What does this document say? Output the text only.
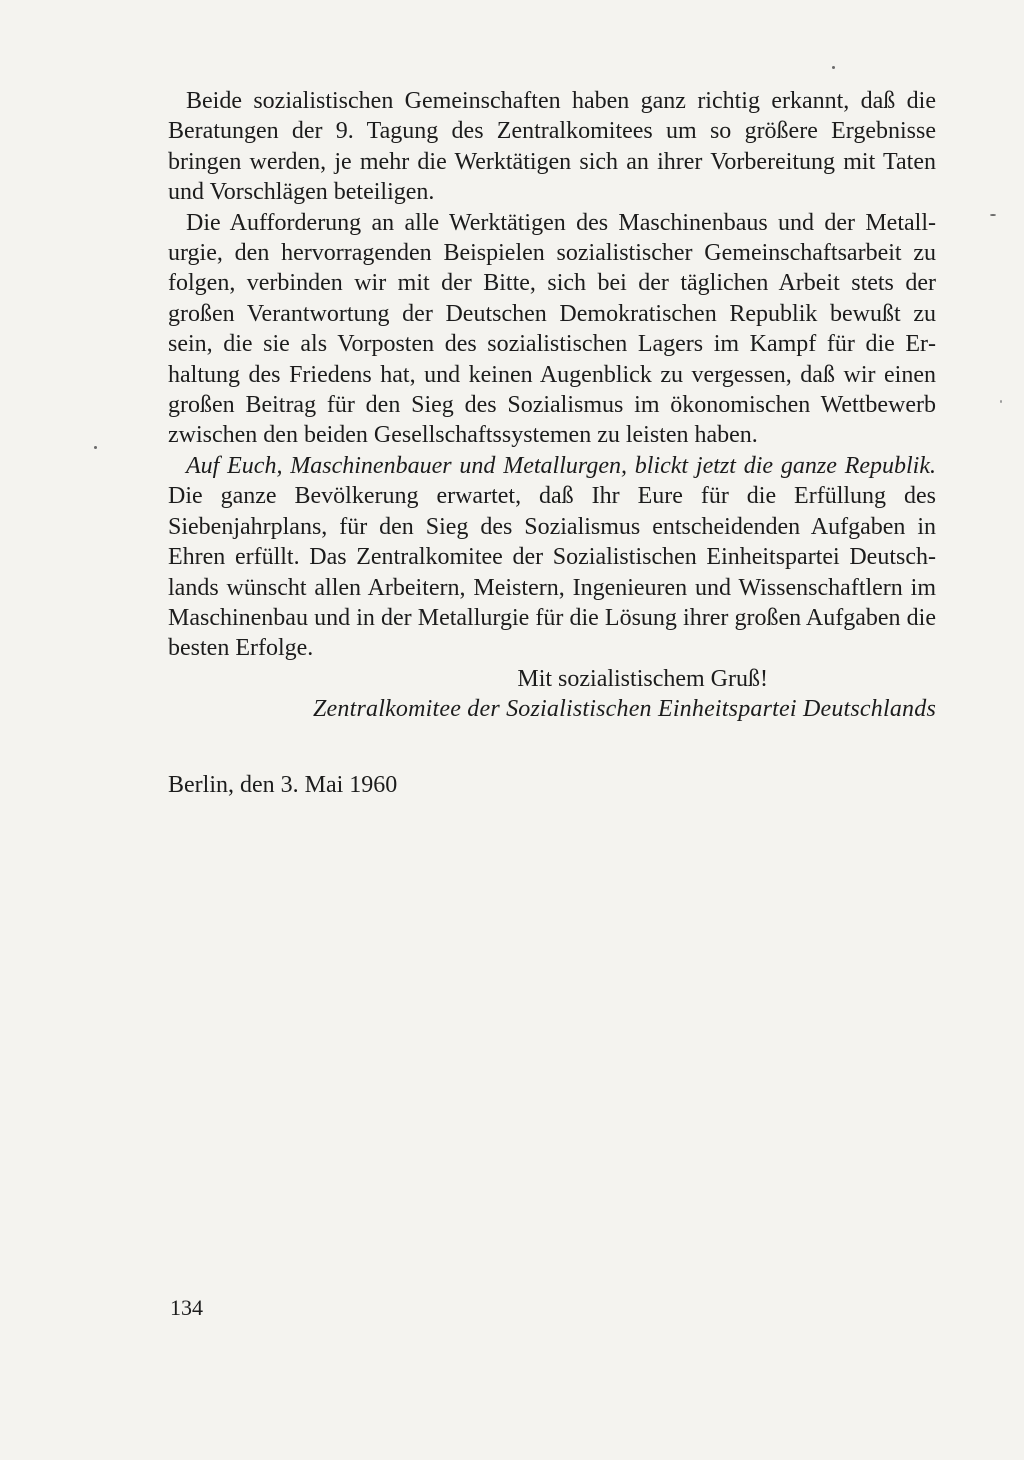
Beide sozialistischen Gemeinschaften haben ganz richtig erkannt, daß die Beratungen der 9. Tagung des Zentralkomitees um so größere Ergebnisse bringen werden, je mehr die Werktätigen sich an ihrer Vorbereitung mit Taten und Vorschlägen beteiligen.

Die Aufforderung an alle Werktätigen des Maschinenbaus und der Metallurgie, den hervorragenden Beispielen sozialistischer Gemeinschaftsarbeit zu folgen, verbinden wir mit der Bitte, sich bei der täglichen Arbeit stets der großen Verantwortung der Deutschen Demokratischen Republik bewußt zu sein, die sie als Vorposten des sozialistischen Lagers im Kampf für die Erhaltung des Friedens hat, und keinen Augenblick zu vergessen, daß wir einen großen Beitrag für den Sieg des Sozialismus im ökonomischen Wettbewerb zwischen den beiden Gesellschaftssystemen zu leisten haben.

Auf Euch, Maschinenbauer und Metallurgen, blickt jetzt die ganze Republik. Die ganze Bevölkerung erwartet, daß Ihr Eure für die Erfüllung des Siebenjahrplans, für den Sieg des Sozialismus entscheidenden Aufgaben in Ehren erfüllt. Das Zentralkomitee der Sozialistischen Einheitspartei Deutschlands wünscht allen Arbeitern, Meistern, Ingenieuren und Wissenschaftlern im Maschinenbau und in der Metallurgie für die Lösung ihrer großen Aufgaben die besten Erfolge.

Mit sozialistischem Gruß!

Zentralkomitee der Sozialistischen Einheitspartei Deutschlands

Berlin, den 3. Mai 1960

134
